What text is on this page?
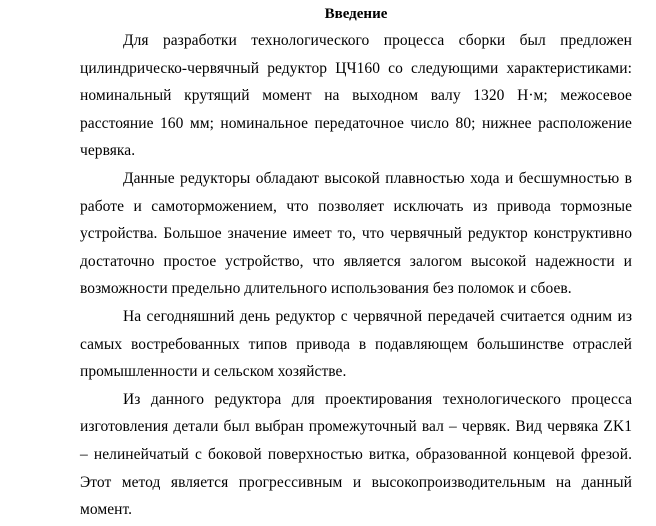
Введение

Для разработки технологического процесса сборки был предложен цилиндрическо-червячный редуктор ЦЧ160 со следующими характеристиками: номинальный крутящий момент на выходном валу 1320 Н·м; межосевое расстояние 160 мм; номинальное передаточное число 80; нижнее расположение червяка.

Данные редукторы обладают высокой плавностью хода и бесшумностью в работе и самоторможением, что позволяет исключать из привода тормозные устройства. Большое значение имеет то, что червячный редуктор конструктивно достаточно простое устройство, что является залогом высокой надежности и возможности предельно длительного использования без поломок и сбоев.

На сегодняшний день редуктор с червячной передачей считается одним из самых востребованных типов привода в подавляющем большинстве отраслей промышленности и сельском хозяйстве.

Из данного редуктора для проектирования технологического процесса изготовления детали был выбран промежуточный вал – червяк. Вид червяка ZK1 – нелинейчатый с боковой поверхностью витка, образованной концевой фрезой. Этот метод является прогрессивным и высокопроизводительным на данный момент.
